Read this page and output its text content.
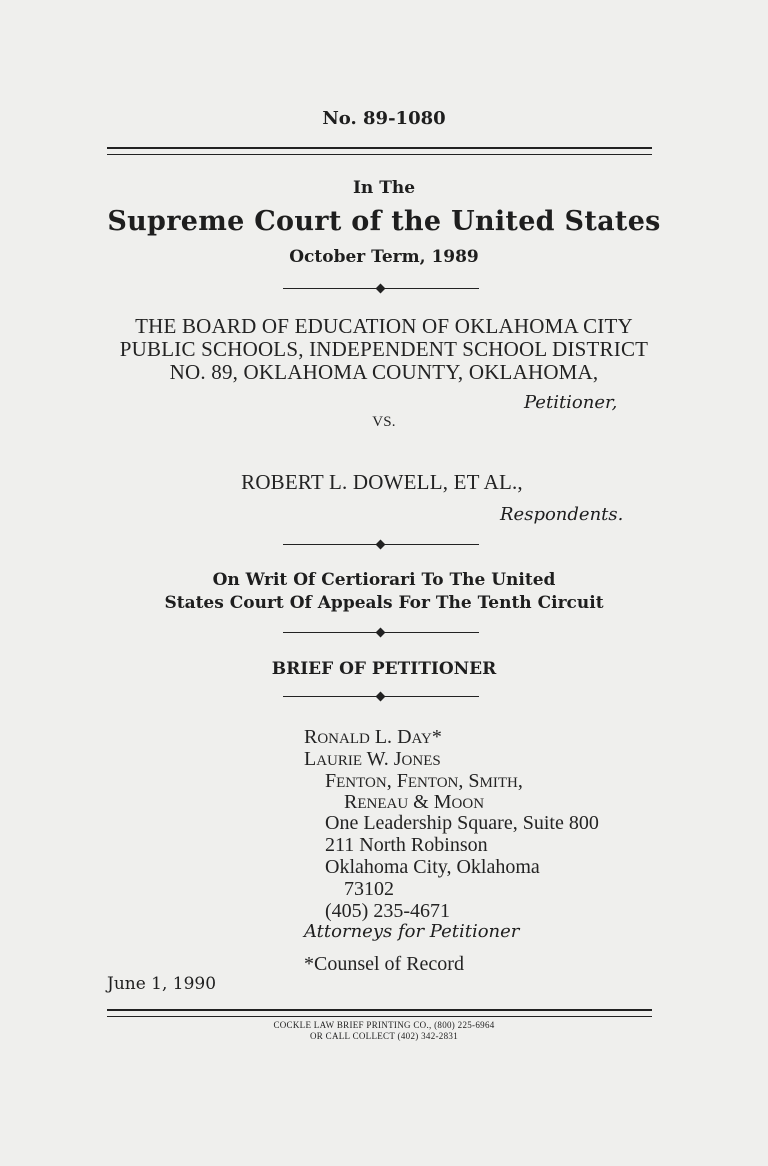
No. 89-1080
In The
Supreme Court of the United States
October Term, 1989
THE BOARD OF EDUCATION OF OKLAHOMA CITY
PUBLIC SCHOOLS, INDEPENDENT SCHOOL DISTRICT
NO. 89, OKLAHOMA COUNTY, OKLAHOMA,
Petitioner,
VS.
ROBERT L. DOWELL, ET AL.,
Respondents.
On Writ Of Certiorari To The United
States Court Of Appeals For The Tenth Circuit
BRIEF OF PETITIONER
RONALD L. DAY*
LAURIE W. JONES
FENTON, FENTON, SMITH,
RENEAU & MOON
One Leadership Square, Suite 800
211 North Robinson
Oklahoma City, Oklahoma
73102
(405) 235-4671
Attorneys for Petitioner
*Counsel of Record
June 1, 1990
COCKLE LAW BRIEF PRINTING CO., (800) 225-6964
OR CALL COLLECT (402) 342-2831
